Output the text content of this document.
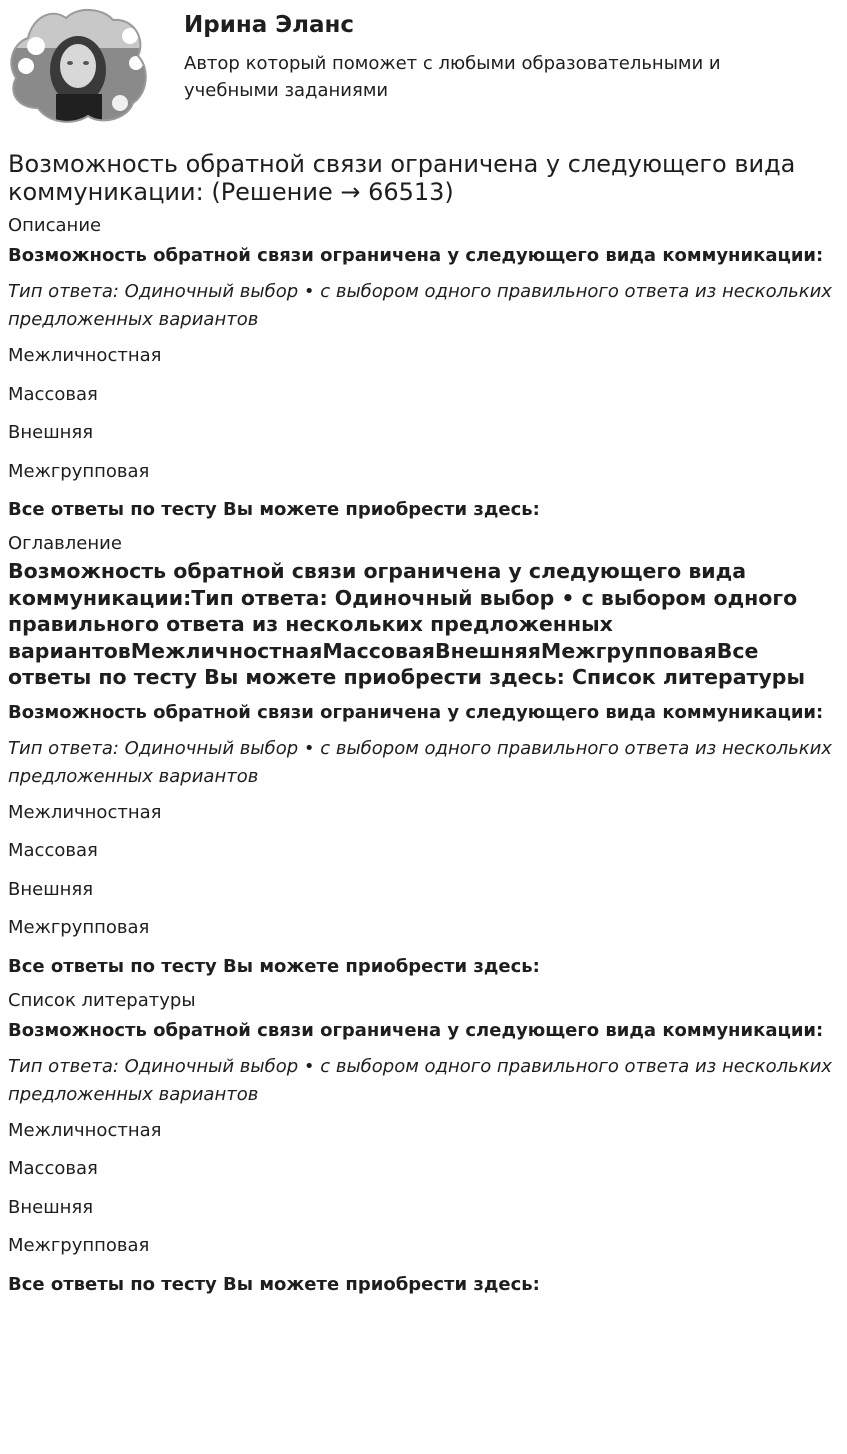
Ирина Эланс

Автор который поможет с любыми образовательными и учебными заданиями

Возможность обратной связи ограничена у следующего вида коммуникации: (Решение → 66513)

Описание

Возможность обратной связи ограничена у следующего вида коммуникации:

Тип ответа: Одиночный выбор • с выбором одного правильного ответа из нескольких предложенных вариантов

Межличностная

Массовая

Внешняя

Межгрупповая

Все ответы по тесту Вы можете приобрести здесь:

Оглавление

Возможность обратной связи ограничена у следующего вида коммуникации:Тип ответа: Одиночный выбор • с выбором одного правильного ответа из нескольких предложенных вариантовМежличностнаяМассоваяВнешняяМежгрупповаяВсе ответы по тесту Вы можете приобрести здесь: Список литературы

Возможность обратной связи ограничена у следующего вида коммуникации:

Тип ответа: Одиночный выбор • с выбором одного правильного ответа из нескольких предложенных вариантов

Межличностная

Массовая

Внешняя

Межгрупповая

Все ответы по тесту Вы можете приобрести здесь:

Список литературы

Возможность обратной связи ограничена у следующего вида коммуникации:

Тип ответа: Одиночный выбор • с выбором одного правильного ответа из нескольких предложенных вариантов

Межличностная

Массовая

Внешняя

Межгрупповая

Все ответы по тесту Вы можете приобрести здесь:
